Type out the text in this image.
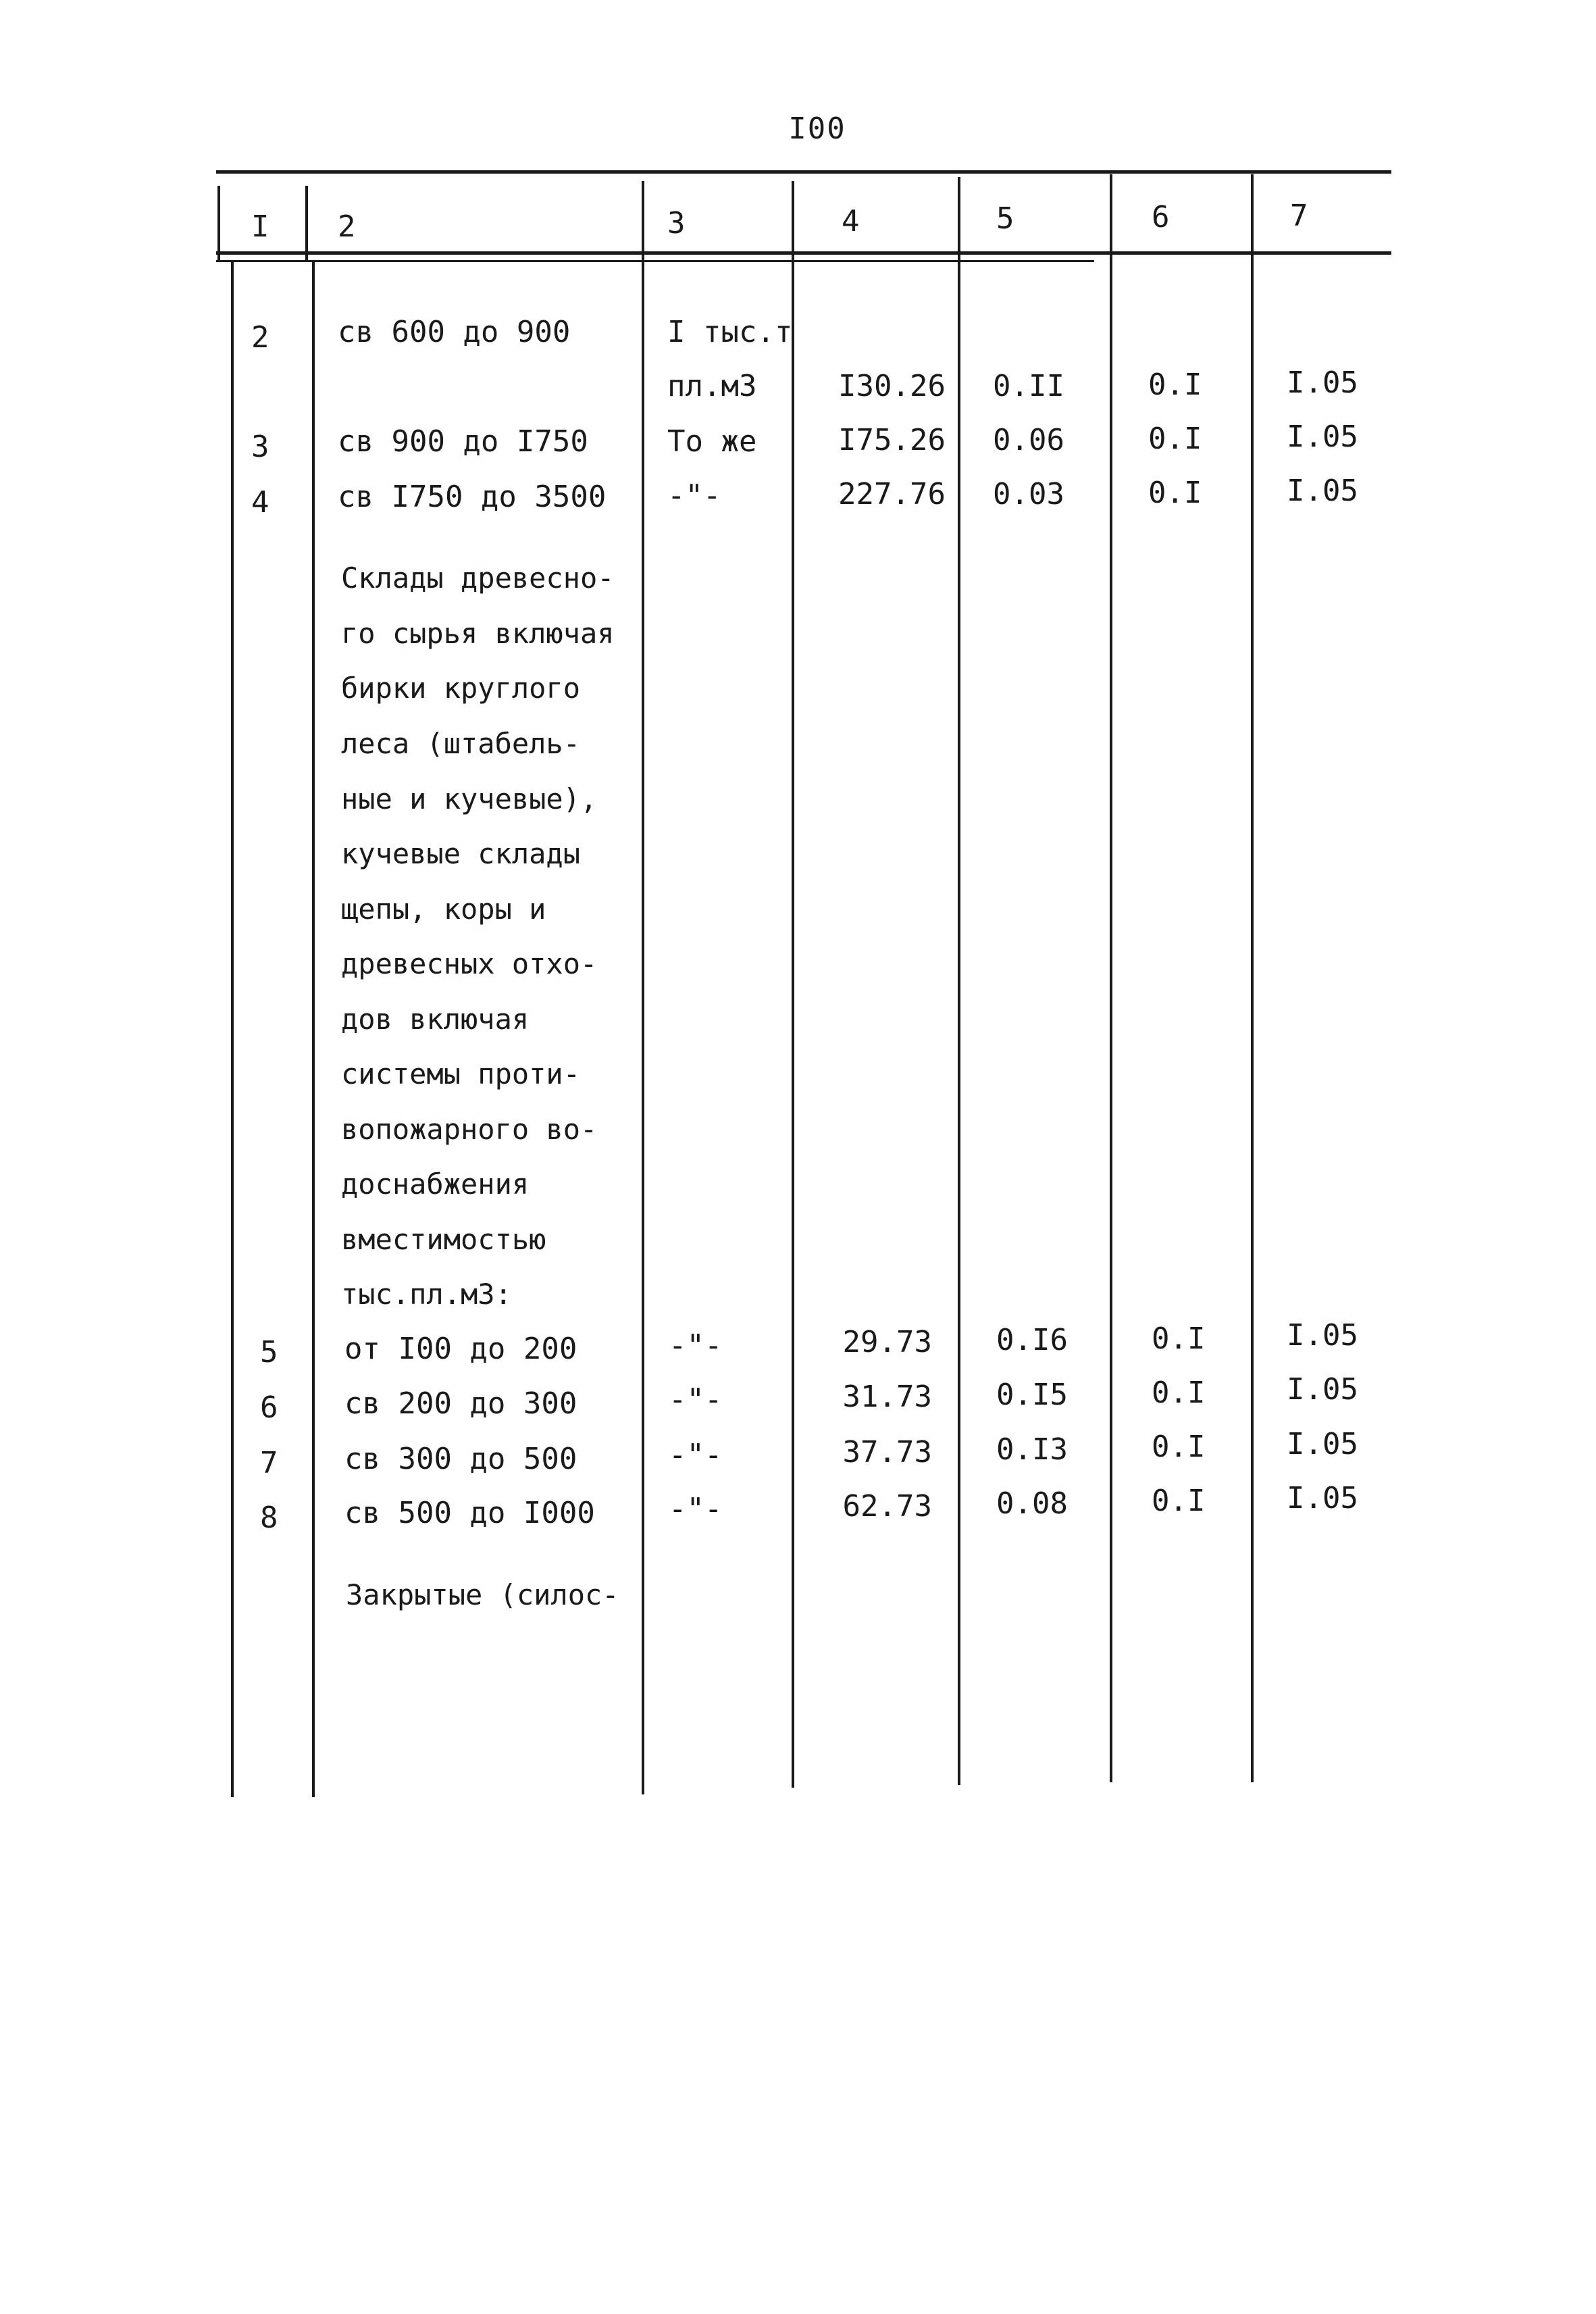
I00
I 2	3	4	5	6	7
2 св 600 до 900	I тыс.т
пл.м3	I30.26 0.II	0.I	I.05
3 св 900 до I750	То же	I75.26 0.06	0.I	I.05
4 св I750 до 3500 -"-	227.76 0.03	0.I	I.05
Склады древесно-
го сырья включая
бирки круглого
леса (штабель-
ные и кучевые),
кучевые склады
щепы, коры и
древесных отхо-
дов включая
системы проти-
вопожарного во-
доснабжения
вместимостью
тыс.пл.м3:
5 от I00 до 200	-"-	29.73 0.I6	0.I	I.05
6 св 200 до 300	-"-	31.73 0.I5	0.I	I.05
7 св 300 до 500	-"-	37.73 0.I3	0.I	I.05
8 св 500 до I000 -"-	62.73 0.08	0.I	I.05
Закрытые (силос-
